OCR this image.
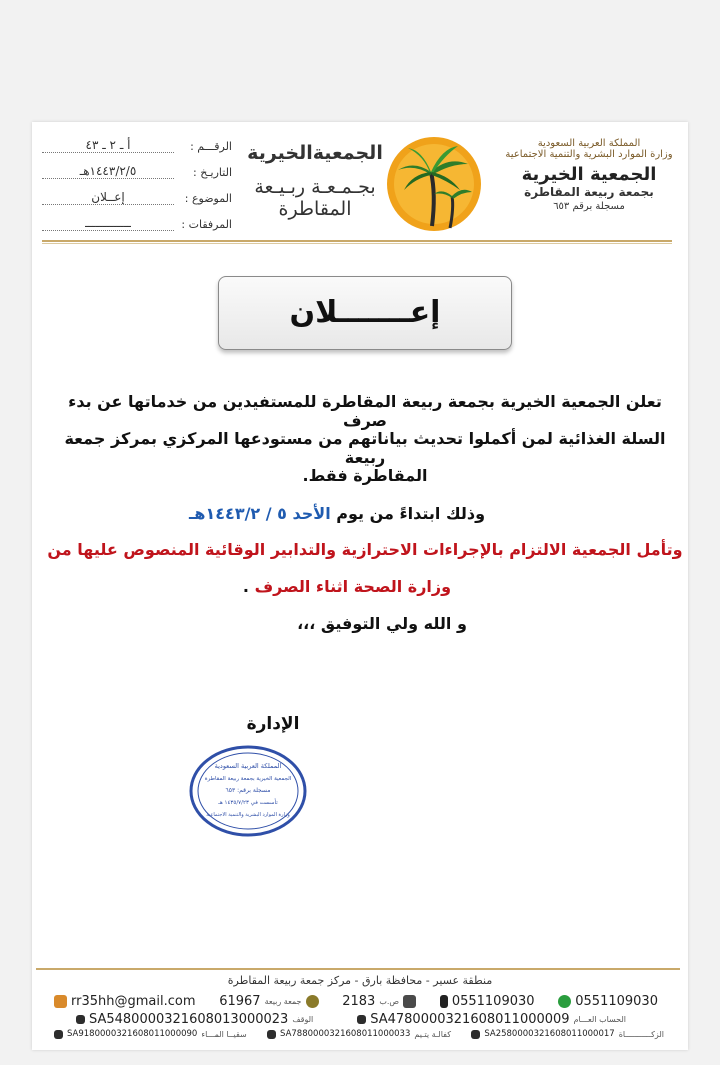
الرقـــم :
أ ـ ٢ ـ ٤٣
التاريـخ :
١٤٤٣/٢/٥هـ
الموضوع :
إعــلان
المرفقات :
ـــــــــــــ
الجمعيةالخيرية
بجـمـعـة ربـيـعة
المقاطرة
المملكة العربية السعودية
وزارة الموارد البشرية والتنمية الاجتماعية
الجمعية الخيرية
بجمعة ربيعة المقاطرة
مسجلة برقم ٦٥٣
إعـــــــلان
تعلن الجمعية الخيرية بجمعة ربيعة المقاطرة للمستفيدين من خدماتها عن بدء صرف
السلة الغذائية لمن أكملوا تحديث بياناتهم من مستودعها المركزي بمركز جمعة ربيعة
المقاطرة فقط.
وذلك ابتداءً من يوم الأحد ٥ / ١٤٤٣/٢هـ
وتأمل الجمعية الالتزام بالإجراءات الاحترازية والتدابير الوقائية المنصوص عليها من
وزارة الصحة اثناء الصرف .
و الله ولي التوفيق ،،،
الإدارة
المملكة العربية السعودية
الجمعية الخيرية بجمعة ربيعة المقاطرة
مسجلة برقم: ٦٥٣
تأسست في ١٤٣٥/٧/٢٣ هـ
وزارة الموارد البشرية والتنمية الاجتماعية
منطقة عسير - محافظة بارق - مركز جمعة ربيعة المقاطرة
rr35hh@gmail.com 61967 جمعة ربيعة	2183 ص.ب	0551109030	0551109030
SA5480000321608013000023 الوقف	SA4780000321608011000009 الحساب العـــام
SA9180000321608011000090 سقيــا المـــاء	SA7880000321608011000033 كفالـة يتـيم	SA2580000321608011000017 الزكـــــــــــاة
